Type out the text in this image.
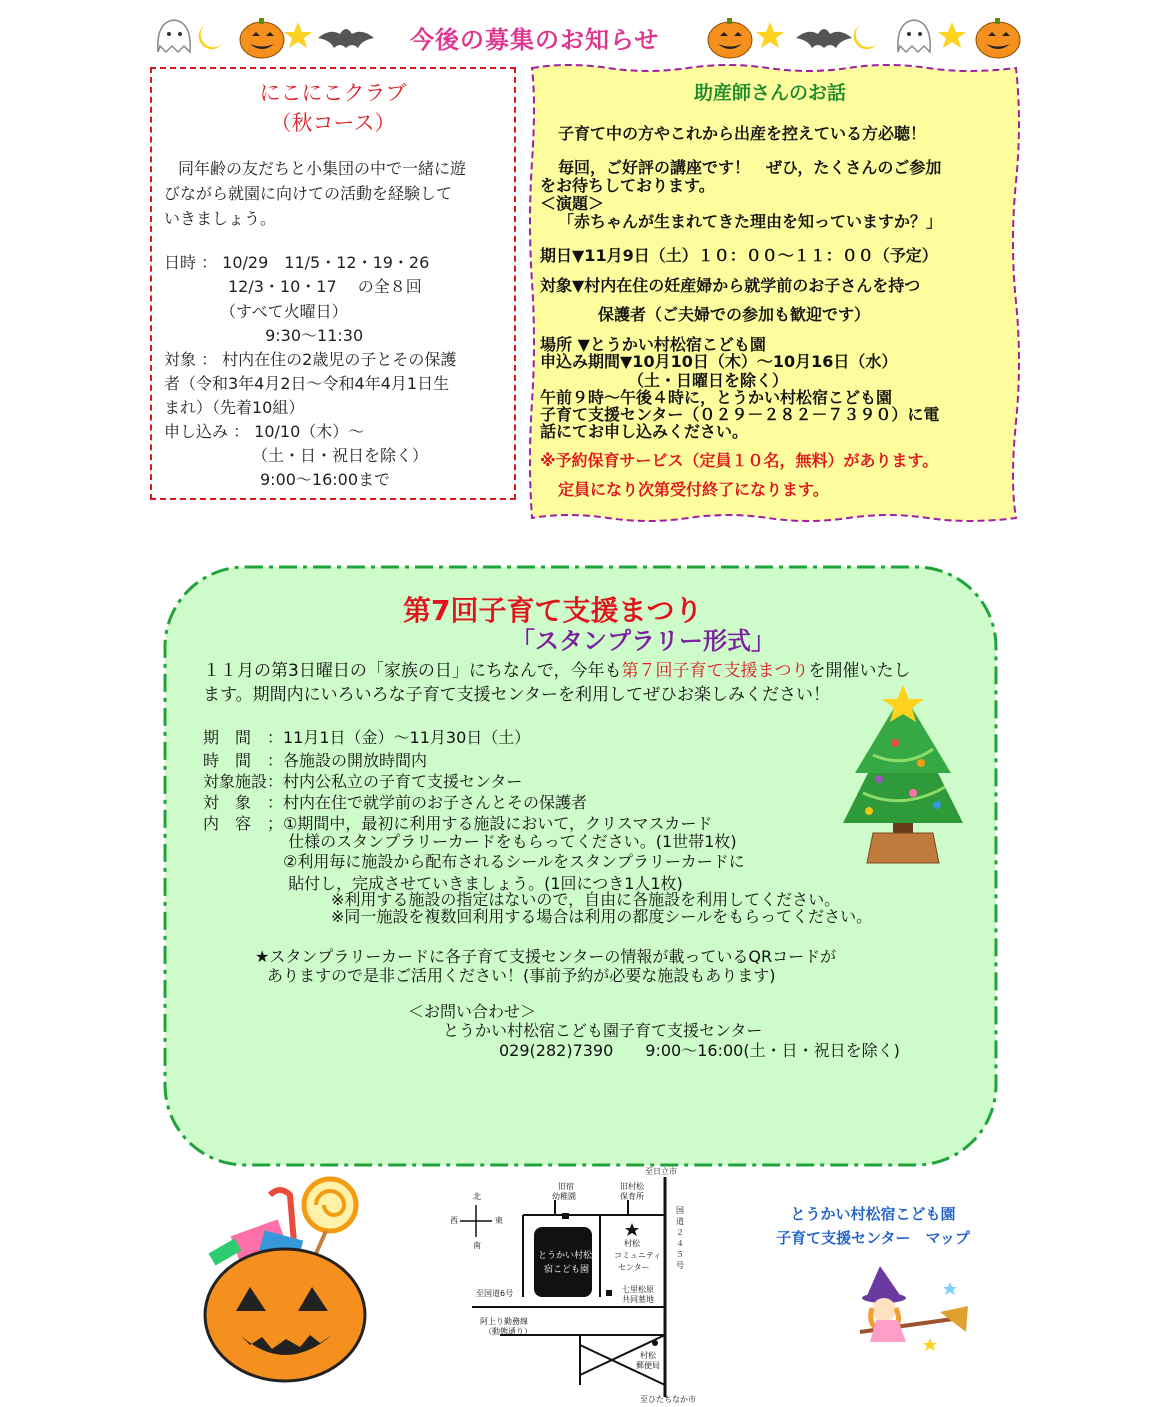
今後の募集のお知らせ
にこにこクラブ
（秋コース）
同年齢の友だちと小集団の中で一緒に遊
びながら就園に向けての活動を経験して
いきましょう。
日時 ： 10/29　11/5・12・19・26
　　　　12/3・10・17　 の全８回
　　　　（すべて火曜日）
　　　　　　 9:30～11:30
対象 ： 村内在住の2歳児の子とその保護
者（令和3年4月2日～令和4年4月1日生
まれ）（先着10組）
申し込み ： 10/10（木）～
　　　　　　（土・日・祝日を除く）
　　　　　　9:00～16:00まで
助産師さんのお話
子育て中の方やこれから出産を控えている方必聴！
毎回，ご好評の講座です！　ぜひ，たくさんのご参加
をお待ちしております。
＜演題＞
「赤ちゃんが生まれてきた理由を知っていますか？」
期日▼11月9日（土）１０：００～１１：００（予定）
対象▼村内在住の妊産婦から就学前のお子さんを持つ
保護者（ご夫婦での参加も歓迎です）
場所 ▼とうかい村松宿こども園
申込み期間▼10月10日（木）～10月16日（水）
　　　　　　（土・日曜日を除く）
午前９時～午後４時に，とうかい村松宿こども園
子育て支援センター（０２９－２８２－７３９０）に電
話にてお申し込みください。
※予約保育サービス（定員１０名，無料）があります。
定員になり次第受付終了になります。
第7回子育て支援まつり
「スタンプラリー形式」
１１月の第3日曜日の「家族の日」にちなんで，今年も第７回子育て支援まつりを開催いたし
ます。期間内にいろいろな子育て支援センターを利用してぜひお楽しみください！
期　間　：11月1日（金）～11月30日（土）
時　間　：各施設の開放時間内
対象施設：村内公私立の子育て支援センター
対　象　：村内在住で就学前のお子さんとその保護者
内　容　；①期間中，最初に利用する施設において，クリスマスカード
　　　　　 仕様のスタンプラリーカードをもらってください。(1世帯1枚)
　　　　　②利用毎に施設から配布されるシールをスタンプラリーカードに
　　　　　 貼付し，完成させていきましょう。(1回につき1人1枚)
　　　　　　　　※利用する施設の指定はないので，自由に各施設を利用してください。
　　　　　　　　※同一施設を複数回利用する場合は利用の都度シールをもらってください。
★スタンプラリーカードに各子育て支援センターの情報が載っているQRコードが
ありますので是非ご活用ください！(事前予約が必要な施設もあります)
＜お問い合わせ＞
とうかい村松宿こども園子育て支援センター
029(282)7390　　9:00～16:00(土・日・祝日を除く)
至日立市
北
西	東
南
旧宿
幼稚園
旧村松
保育所
国道２４５号
とうかい村松
宿こども園
村松
コミュニティ
センター
至国道6号	七里松原
共同墓地
阿上り勤務線
（動態通り）
村松
郵便局
至ひたちなか市
とうかい村松宿こども園
子育て支援センター　マップ
